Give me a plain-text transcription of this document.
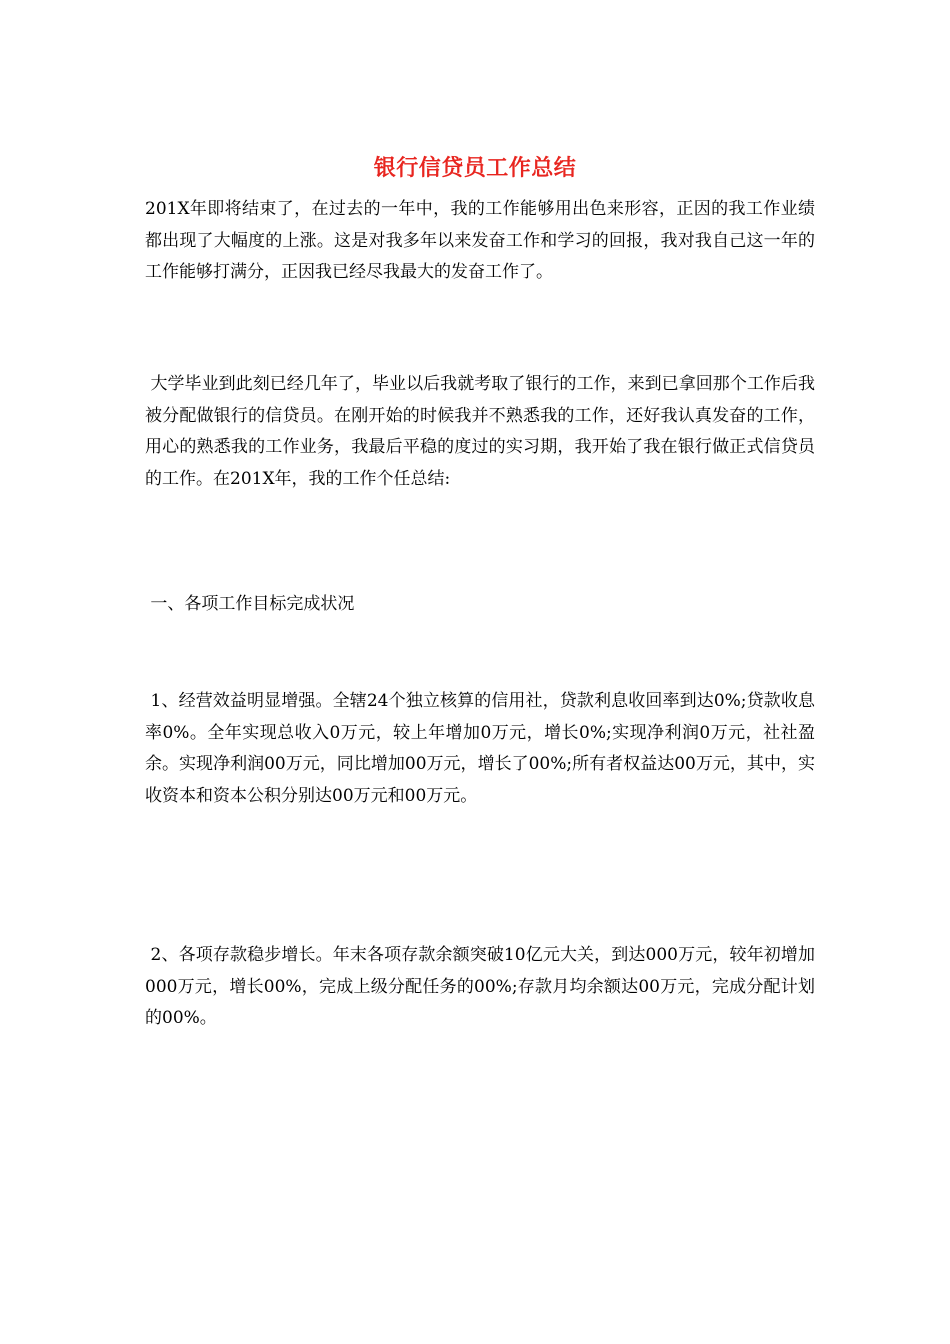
银行信贷员工作总结

201X年即将结束了，在过去的一年中，我的工作能够用出色来形容，正因的我工作业绩都出现了大幅度的上涨。这是对我多年以来发奋工作和学习的回报，我对我自己这一年的工作能够打满分，正因我已经尽我最大的发奋工作了。

大学毕业到此刻已经几年了，毕业以后我就考取了银行的工作，来到已拿回那个工作后我被分配做银行的信贷员。在刚开始的时候我并不熟悉我的工作，还好我认真发奋的工作，用心的熟悉我的工作业务，我最后平稳的度过的实习期，我开始了我在银行做正式信贷员的工作。在201X年，我的工作个任总结:

一、各项工作目标完成状况

1、经营效益明显增强。全辖24个独立核算的信用社，贷款利息收回率到达0%;贷款收息率0%。全年实现总收入0万元，较上年增加0万元，增长0%;实现净利润0万元，社社盈余。实现净利润00万元，同比增加00万元，增长了00%;所有者权益达00万元，其中，实收资本和资本公积分别达00万元和00万元。

2、各项存款稳步增长。年末各项存款余额突破10亿元大关，到达000万元，较年初增加000万元，增长00%，完成上级分配任务的00%;存款月均余额达00万元，完成分配计划的00%。
